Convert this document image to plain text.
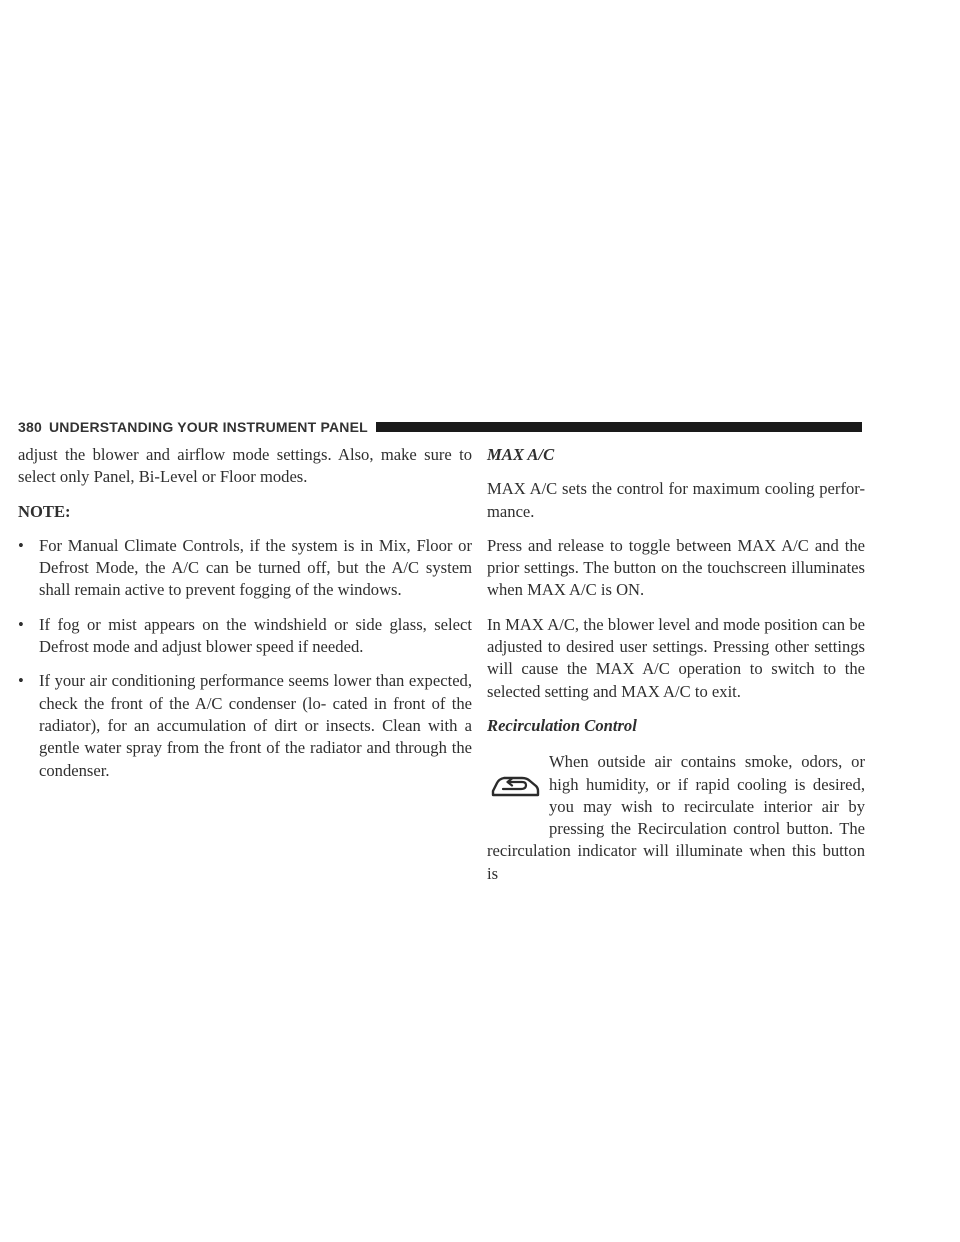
380 UNDERSTANDING YOUR INSTRUMENT PANEL

adjust the blower and airflow mode settings. Also, make sure to select only Panel, Bi-Level or Floor modes.

NOTE:
• For Manual Climate Controls, if the system is in Mix, Floor or Defrost Mode, the A/C can be turned off, but the A/C system shall remain active to prevent fogging of the windows.
• If fog or mist appears on the windshield or side glass, select Defrost mode and adjust blower speed if needed.
• If your air conditioning performance seems lower than expected, check the front of the A/C condenser (lo- cated in front of the radiator), for an accumulation of dirt or insects. Clean with a gentle water spray from the front of the radiator and through the condenser.
MAX A/C

MAX A/C sets the control for maximum cooling perfor- mance.

Press and release to toggle between MAX A/C and the prior settings. The button on the touchscreen illuminates when MAX A/C is ON.

In MAX A/C, the blower level and mode position can be adjusted to desired user settings. Pressing other settings will cause the MAX A/C operation to switch to the selected setting and MAX A/C to exit.

Recirculation Control

When outside air contains smoke, odors, or high humidity, or if rapid cooling is desired, you may wish to recirculate interior air by pressing the Recirculation control button. The recirculation indicator will illuminate when this button is
